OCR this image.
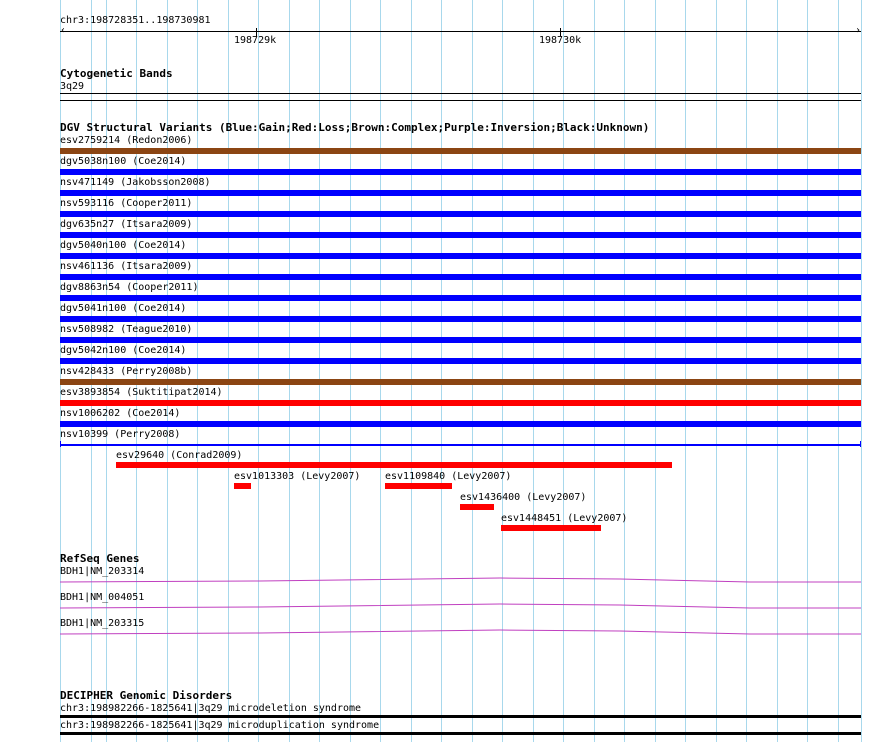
chr3:198728351..198730981
‹	›
198729k	198730k
Cytogenetic Bands
3q29
DGV Structural Variants (Blue:Gain;Red:Loss;Brown:Complex;Purple:Inversion;Black:Unknown)
esv2759214 (Redon2006)
dgv5038n100 (Coe2014)
nsv471149 (Jakobsson2008)
nsv593116 (Cooper2011)
dgv635n27 (Itsara2009)
dgv5040n100 (Coe2014)
nsv461136 (Itsara2009)
dgv8863n54 (Cooper2011)
dgv5041n100 (Coe2014)
nsv508982 (Teague2010)
dgv5042n100 (Coe2014)
nsv428433 (Perry2008b)
esv3893854 (Suktitipat2014)
nsv1006202 (Coe2014)
nsv10399 (Perry2008)
esv29640 (Conrad2009)
esv1013303 (Levy2007) esv1109840 (Levy2007)
esv1436400 (Levy2007)
esv1448451 (Levy2007)
RefSeq Genes
BDH1|NM_203314
BDH1|NM_004051
BDH1|NM_203315
DECIPHER Genomic Disorders
chr3:198982266-1825641|3q29 microdeletion syndrome
chr3:198982266-1825641|3q29 microduplication syndrome
